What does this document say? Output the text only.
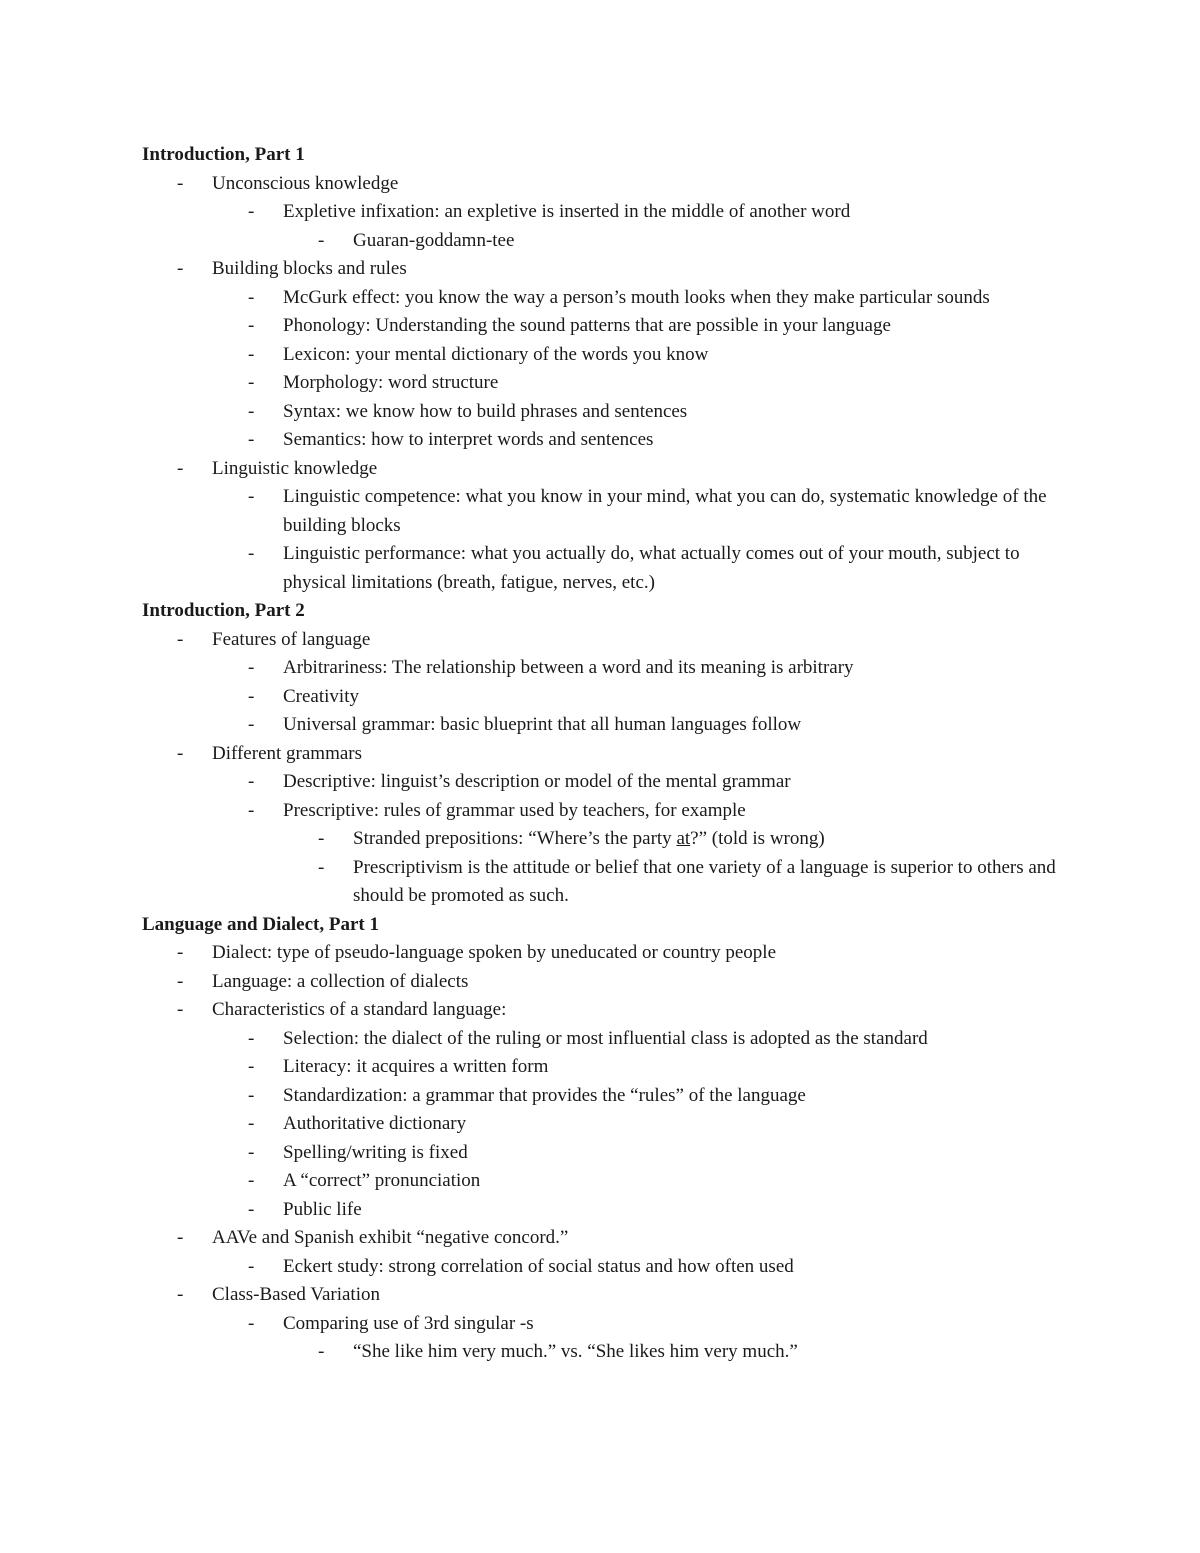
Introduction, Part 1
- Unconscious knowledge
- Expletive infixation: an expletive is inserted in the middle of another word
- Guaran-goddamn-tee
- Building blocks and rules
- McGurk effect: you know the way a person’s mouth looks when they make particular sounds
- Phonology: Understanding the sound patterns that are possible in your language
- Lexicon: your mental dictionary of the words you know
- Morphology: word structure
- Syntax: we know how to build phrases and sentences
- Semantics: how to interpret words and sentences
- Linguistic knowledge
- Linguistic competence: what you know in your mind, what you can do, systematic knowledge of the building blocks
- Linguistic performance: what you actually do, what actually comes out of your mouth, subject to physical limitations (breath, fatigue, nerves, etc.)
Introduction, Part 2
- Features of language
- Arbitrariness: The relationship between a word and its meaning is arbitrary
- Creativity
- Universal grammar: basic blueprint that all human languages follow
- Different grammars
- Descriptive: linguist’s description or model of the mental grammar
- Prescriptive: rules of grammar used by teachers, for example
- Stranded prepositions: “Where’s the party at?” (told is wrong)
- Prescriptivism is the attitude or belief that one variety of a language is superior to others and should be promoted as such.
Language and Dialect, Part 1
- Dialect: type of pseudo-language spoken by uneducated or country people
- Language: a collection of dialects
- Characteristics of a standard language:
- Selection: the dialect of the ruling or most influential class is adopted as the standard
- Literacy: it acquires a written form
- Standardization: a grammar that provides the “rules” of the language
- Authoritative dictionary
- Spelling/writing is fixed
- A “correct” pronunciation
- Public life
- AAVe and Spanish exhibit “negative concord.”
- Eckert study: strong correlation of social status and how often used
- Class-Based Variation
- Comparing use of 3rd singular -s
- “She like him very much.” vs. “She likes him very much.”
